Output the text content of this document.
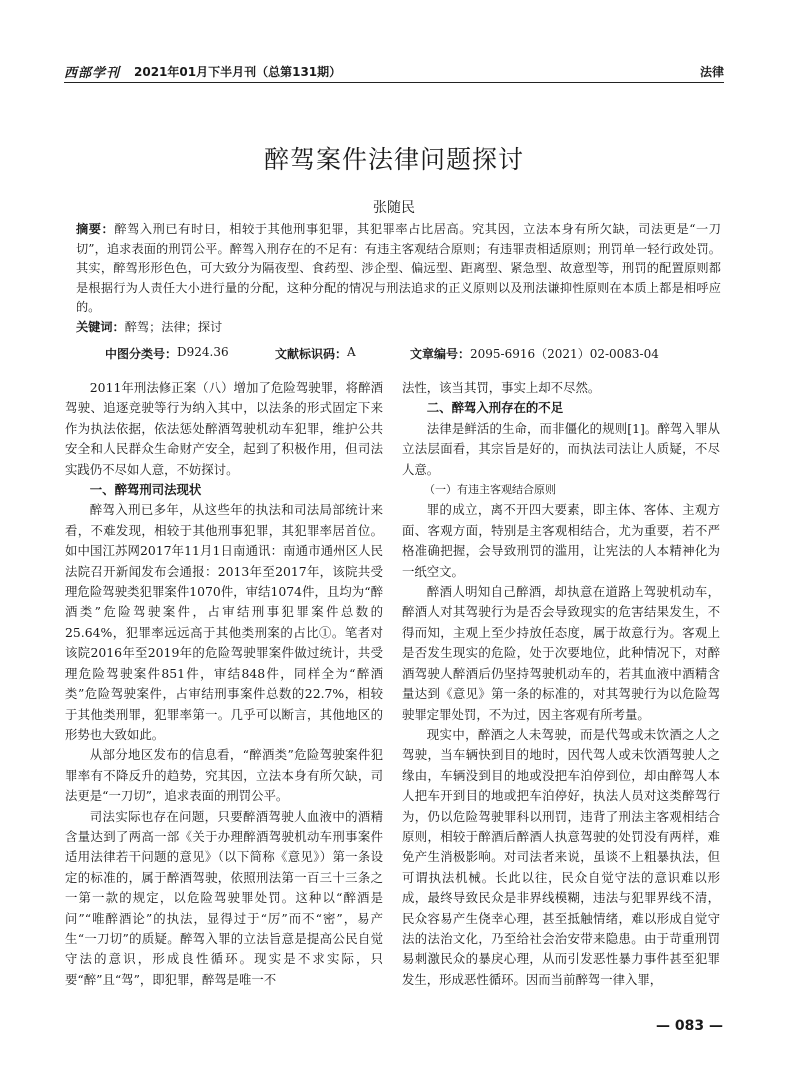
西部学刊 2021年01月下半月刊（总第131期）	法律
醉驾案件法律问题探讨
张随民
摘要：醉驾入刑已有时日，相较于其他刑事犯罪，其犯罪率占比居高。究其因，立法本身有所欠缺，司法更是“一刀切”，追求表面的刑罚公平。醉驾入刑存在的不足有：有违主客观结合原则；有违罪责相适原则；刑罚单一轻行政处罚。其实，醉驾形形色色，可大致分为隔夜型、食药型、涉企型、偏远型、距离型、紧急型、故意型等，刑罚的配置原则都是根据行为人责任大小进行量的分配，这种分配的情况与刑法追求的正义原则以及刑法谦抑性原则在本质上都是相呼应的。
关键词：醉驾；法律；探讨
中图分类号： D924.36	文献标识码： A	文章编号： 2095-6916（2021）02-0083-04

2011年刑法修正案（八）增加了危险驾驶罪，将醉酒驾驶、追逐竞驶等行为纳入其中，以法条的形式固定下来作为执法依据，依法惩处醉酒驾驶机动车犯罪，维护公共安全和人民群众生命财产安全，起到了积极作用，但司法实践仍不尽如人意，不妨探讨。

一、醉驾刑司法现状

醉驾入刑已多年，从这些年的执法和司法局部统计来看，不难发现，相较于其他刑事犯罪，其犯罪率居首位。如中国江苏网2017年11月1日南通讯：南通市通州区人民法院召开新闻发布会通报：2013年至2017年，该院共受理危险驾驶类犯罪案件1070件，审结1074件，且均为“醉酒类”危险驾驶案件，占审结刑事犯罪案件总数的25.64%，犯罪率远远高于其他类刑案的占比①。笔者对该院2016年至2019年的危险驾驶罪案件做过统计，共受理危险驾驶案件851件，审结848件，同样全为“醉酒类”危险驾驶案件，占审结刑事案件总数的22.7%，相较于其他类刑罪，犯罪率第一。几乎可以断言，其他地区的形势也大致如此。

从部分地区发布的信息看，“醉酒类”危险驾驶案件犯罪率有不降反升的趋势，究其因，立法本身有所欠缺，司法更是“一刀切”，追求表面的刑罚公平。

司法实际也存在问题，只要醉酒驾驶人血液中的酒精含量达到了两高一部《关于办理醉酒驾驶机动车刑事案件适用法律若干问题的意见》（以下简称《意见》）第一条设定的标准的，属于醉酒驾驶，依照刑法第一百三十三条之一第一款的规定，以危险驾驶罪处罚。这种以“醉酒是问”“唯醉酒论”的执法，显得过于“厉”而不“密”，易产生“一刀切”的质疑。醉驾入罪的立法旨意是提高公民自觉守法的意识，形成良性循环。现实是不求实际，只要“醉”且“驾”，即犯罪，醉驾是唯一不

法性，该当其罚，事实上却不尽然。

二、醉驾入刑存在的不足

法律是鲜活的生命，而非僵化的规则[1]。醉驾入罪从立法层面看，其宗旨是好的，而执法司法让人质疑，不尽人意。

（一）有违主客观结合原则

罪的成立，离不开四大要素，即主体、客体、主观方面、客观方面，特别是主客观相结合，尤为重要，若不严格准确把握，会导致刑罚的滥用，让宪法的人本精神化为一纸空文。

醉酒人明知自己醉酒，却执意在道路上驾驶机动车，醉酒人对其驾驶行为是否会导致现实的危害结果发生，不得而知，主观上至少持放任态度，属于故意行为。客观上是否发生现实的危险，处于次要地位，此种情况下，对醉酒驾驶人醉酒后仍坚持驾驶机动车的，若其血液中酒精含量达到《意见》第一条的标准的，对其驾驶行为以危险驾驶罪定罪处罚，不为过，因主客观有所考量。

现实中，醉酒之人未驾驶，而是代驾或未饮酒之人之驾驶，当车辆快到目的地时，因代驾人或未饮酒驾驶人之缘由，车辆没到目的地或没把车泊停到位，却由醉驾人本人把车开到目的地或把车泊停好，执法人员对这类醉驾行为，仍以危险驾驶罪科以刑罚，违背了刑法主客观相结合原则，相较于醉酒后醉酒人执意驾驶的处罚没有两样，难免产生消极影响。对司法者来说，虽谈不上粗暴执法，但可谓执法机械。长此以往，民众自觉守法的意识难以形成，最终导致民众是非界线模糊，违法与犯罪界线不清，民众容易产生侥幸心理，甚至抵触情绪，难以形成自觉守法的法治文化，乃至给社会治安带来隐患。由于苛重刑罚易刺激民众的暴戾心理，从而引发恶性暴力事件甚至犯罪发生，形成恶性循环。因而当前醉驾一律入罪，

— 083 —
